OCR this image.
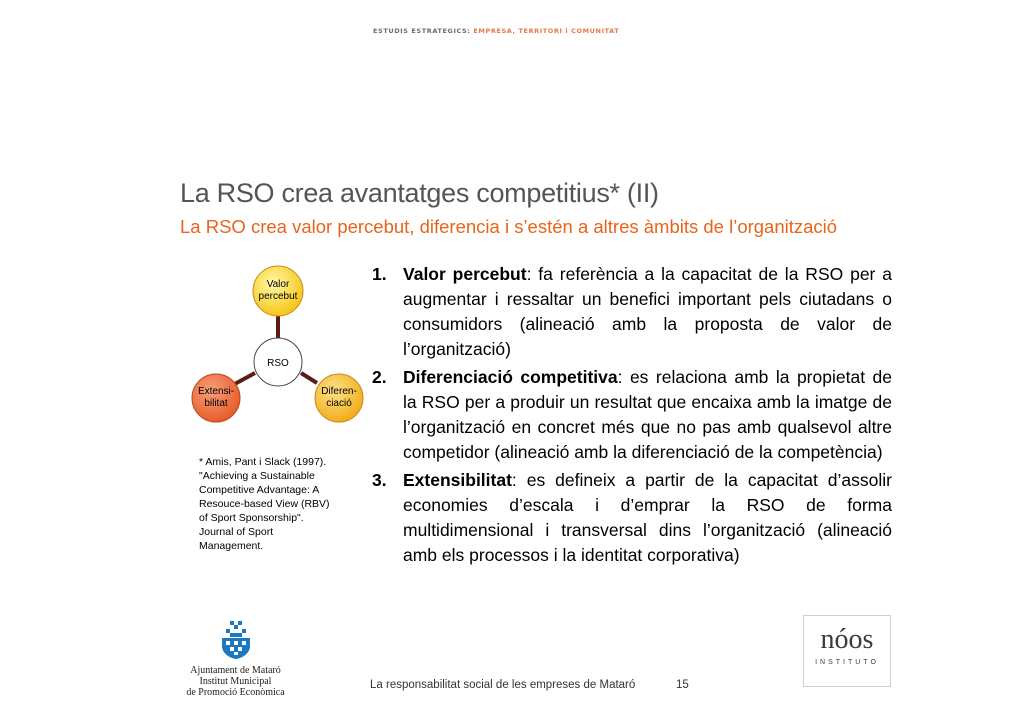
ESTUDIS ESTRATEGICS: EMPRESA, TERRITORI i COMUNITAT
La RSO crea avantatges competitius* (II)
La RSO crea valor percebut, diferencia i s’estén a altres àmbits de l’organització
Valor
percebut
RSO
Extensi-
bilitat
Diferen-
ciació
* Amis, Pant i Slack (1997).
"Achieving a Sustainable
Competitive Advantage: A
Resouce-based View (RBV)
of Sport Sponsorship".
Journal of Sport
Management.
1. Valor percebut: fa referència a la capacitat de la RSO per a augmentar i ressaltar un benefici important pels ciutadans o consumidors (alineació amb la proposta de valor de l’organització)
2. Diferenciació competitiva: es relaciona amb la propietat de la RSO per a produir un resultat que encaixa amb la imatge de l’organització en concret més que no pas amb qualsevol altre competidor (alineació amb la diferenciació de la competència)
3. Extensibilitat: es defineix a partir de la capacitat d’assolir economies d’escala i d’emprar la RSO de forma multidimensional i transversal dins l’organització (alineació amb els processos i la identitat corporativa)
Ajuntament de Mataró
Institut Municipal
de Promoció Econòmica
nóos
INSTITUTO
La responsabilitat social de les empreses de Mataró	15
